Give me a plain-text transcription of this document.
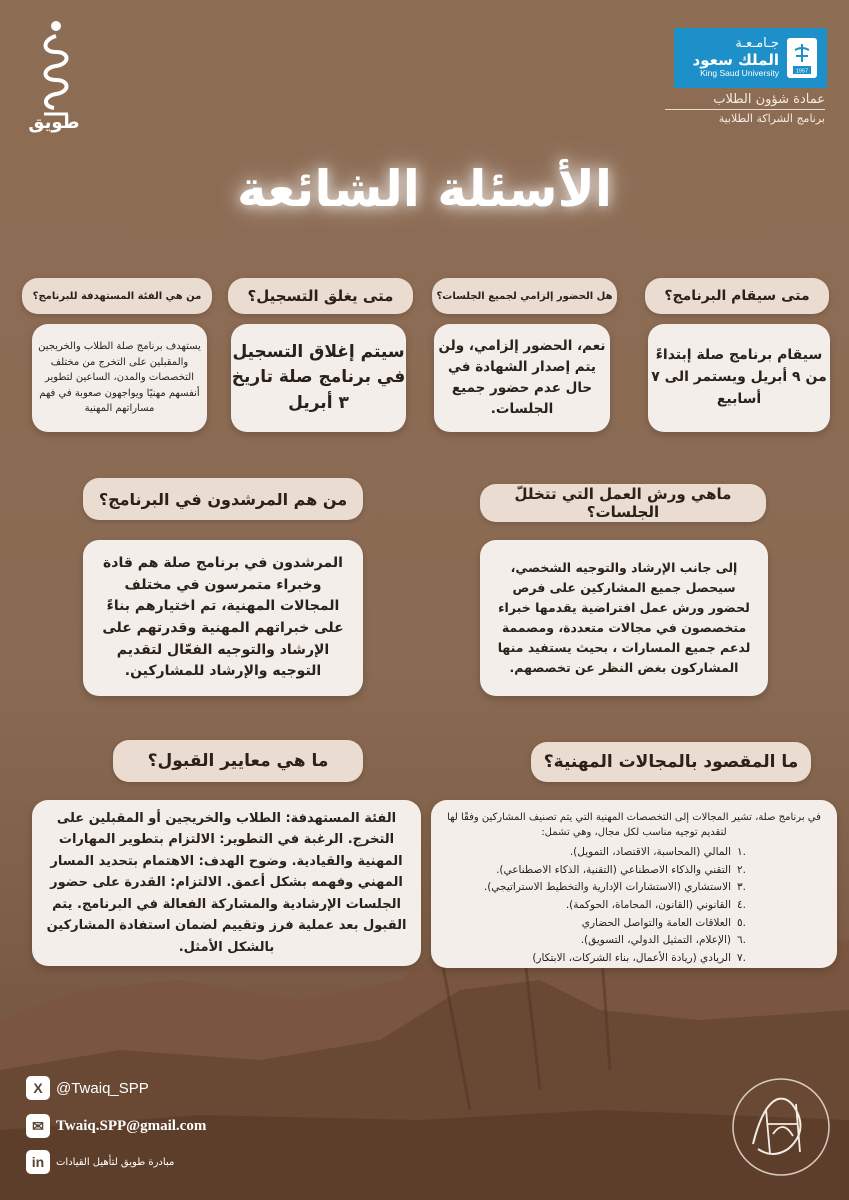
جـامـعـة
الملك سعود
King Saud University	1957
عمادة شؤون الطلاب
برنامج الشراكة الطلابية
طويق
الأسئلة الشائعة
متى سيقام البرنامج؟
هل الحضور إلزامي لجميع الجلسات؟
متى يغلق التسجيل؟
من هي الفئة المستهدفة للبرنامج؟
سيقام برنامج صلة إبتداءً من ٩ أبريل ويستمر الى ٧ أسابيع
نعم، الحضور إلزامي، ولن يتم إصدار الشهادة في حال عدم حضور جميع الجلسات.
سيتم إغلاق التسجيل في برنامج صلة تاريخ ٣ أبريل
يستهدف برنامج صلة الطلاب والخريجين والمقبلين على التخرج من مختلف التخصصات والمدن، الساعين لتطوير أنفسهم مهنيًا ويواجهون صعوبة في فهم مساراتهم المهنية
ماهي ورش العمل التي تتخللّ الجلسات؟
من هم المرشدون في البرنامج؟
إلى جانب الإرشاد والتوجيه الشخصي، سيحصل جميع المشاركين على فرص لحضور ورش عمل افتراضية يقدمها خبراء متخصصون في مجالات متعددة، ومصممة لدعم جميع المسارات ، بحيث يستفيد منها المشاركون بغض النظر عن تخصصهم.
المرشدون في برنامج صلة هم قادة وخبراء متمرسون في مختلف المجالات المهنية، تم اختيارهم بناءً على خبراتهم المهنية وقدرتهم على الإرشاد والتوجيه الفعّال لتقديم التوجيه والإرشاد للمشاركين.
ما المقصود بالمجالات المهنية؟
ما هي معايير القبول؟
في برنامج صلة، تشير المجالات إلى التخصصات المهنية التي يتم تصنيف المشاركين وفقًا لها لتقديم توجيه مناسب لكل مجال، وهي تشمل:
.١
المالي (المحاسبة، الاقتصاد، التمويل).
.٢
التقني والذكاء الاصطناعي (التقنية، الذكاء الاصطناعي).
.٣
الاستشاري (الاستشارات الإدارية والتخطيط الاستراتيجي).
.٤
القانوني (القانون، المحاماة، الحوكمة).
.٥
العلاقات العامة والتواصل الحضاري
.٦
(الإعلام، التمثيل الدولي، التسويق).
.٧
الريادي (ريادة الأعمال، بناء الشركات، الابتكار)
الفئة المستهدفة: الطلاب والخريجين أو المقبلين على التخرج. الرغبة في التطوير: الالتزام بتطوير المهارات المهنية والقيادية. وضوح الهدف: الاهتمام بتحديد المسار المهني وفهمه بشكل أعمق. الالتزام: القدرة على حضور الجلسات الإرشادية والمشاركة الفعالة في البرنامج. يتم القبول بعد عملية فرز وتقييم لضمان استفادة المشاركين بالشكل الأمثل.
X @Twaiq_SPP
✉ Twaiq.SPP@gmail.com
in	مبادرة طويق لتأهيل القيادات
